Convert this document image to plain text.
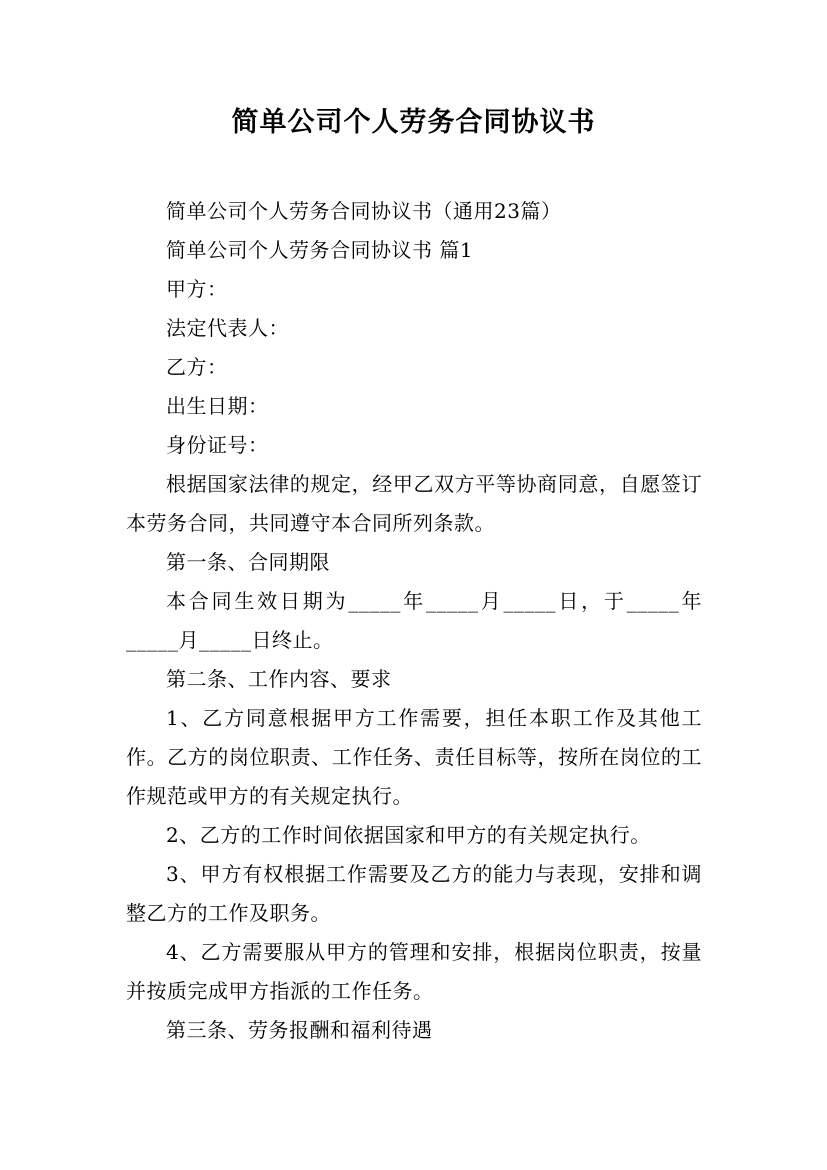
简单公司个人劳务合同协议书

简单公司个人劳务合同协议书（通用23篇）

简单公司个人劳务合同协议书 篇1

甲方：

法定代表人：

乙方：

出生日期：

身份证号：

根据国家法律的规定，经甲乙双方平等协商同意，自愿签订本劳务合同，共同遵守本合同所列条款。

第一条、合同期限

本合同生效日期为_____年_____月_____日，于_____年_____月_____日终止。

第二条、工作内容、要求

1、乙方同意根据甲方工作需要，担任本职工作及其他工作。乙方的岗位职责、工作任务、责任目标等，按所在岗位的工作规范或甲方的有关规定执行。

2、乙方的工作时间依据国家和甲方的有关规定执行。

3、甲方有权根据工作需要及乙方的能力与表现，安排和调整乙方的工作及职务。

4、乙方需要服从甲方的管理和安排，根据岗位职责，按量并按质完成甲方指派的工作任务。

第三条、劳务报酬和福利待遇
